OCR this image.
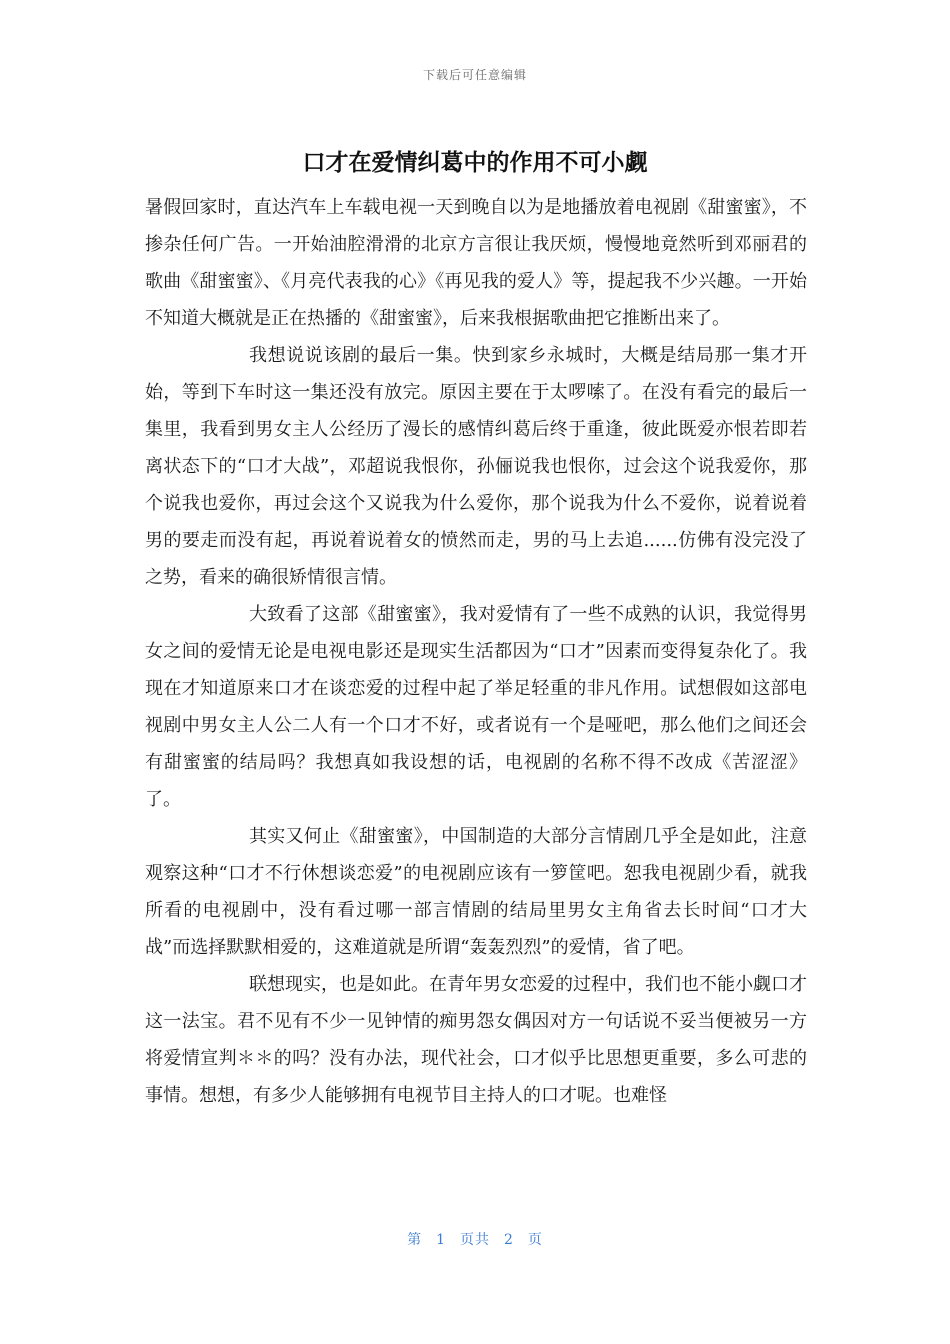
下载后可任意编辑
口才在爱情纠葛中的作用不可小觑

暑假回家时，直达汽车上车载电视一天到晚自以为是地播放着电视剧《甜蜜蜜》，不掺杂任何广告。一开始油腔滑滑的北京方言很让我厌烦，慢慢地竟然听到邓丽君的歌曲《甜蜜蜜》、《月亮代表我的心》《再见我的爱人》等，提起我不少兴趣。一开始不知道大概就是正在热播的《甜蜜蜜》，后来我根据歌曲把它推断出来了。

我想说说该剧的最后一集。快到家乡永城时，大概是结局那一集才开始，等到下车时这一集还没有放完。原因主要在于太啰嗦了。在没有看完的最后一集里，我看到男女主人公经历了漫长的感情纠葛后终于重逢，彼此既爱亦恨若即若离状态下的“口才大战”，邓超说我恨你，孙俪说我也恨你，过会这个说我爱你，那个说我也爱你，再过会这个又说我为什么爱你，那个说我为什么不爱你，说着说着男的要走而没有起，再说着说着女的愤然而走，男的马上去追......仿佛有没完没了之势，看来的确很矫情很言情。

大致看了这部《甜蜜蜜》，我对爱情有了一些不成熟的认识，我觉得男女之间的爱情无论是电视电影还是现实生活都因为“口才”因素而变得复杂化了。我现在才知道原来口才在谈恋爱的过程中起了举足轻重的非凡作用。试想假如这部电视剧中男女主人公二人有一个口才不好，或者说有一个是哑吧，那么他们之间还会有甜蜜蜜的结局吗？我想真如我设想的话，电视剧的名称不得不改成《苦涩涩》了。

其实又何止《甜蜜蜜》，中国制造的大部分言情剧几乎全是如此，注意观察这种“口才不行休想谈恋爱”的电视剧应该有一箩筐吧。恕我电视剧少看，就我所看的电视剧中，没有看过哪一部言情剧的结局里男女主角省去长时间“口才大战”而选择默默相爱的，这难道就是所谓“轰轰烈烈”的爱情，省了吧。

联想现实，也是如此。在青年男女恋爱的过程中，我们也不能小觑口才这一法宝。君不见有不少一见钟情的痴男怨女偶因对方一句话说不妥当便被另一方将爱情宣判＊＊的吗？没有办法，现代社会，口才似乎比思想更重要，多么可悲的事情。想想，有多少人能够拥有电视节目主持人的口才呢。也难怪

第 1 页共 2 页
